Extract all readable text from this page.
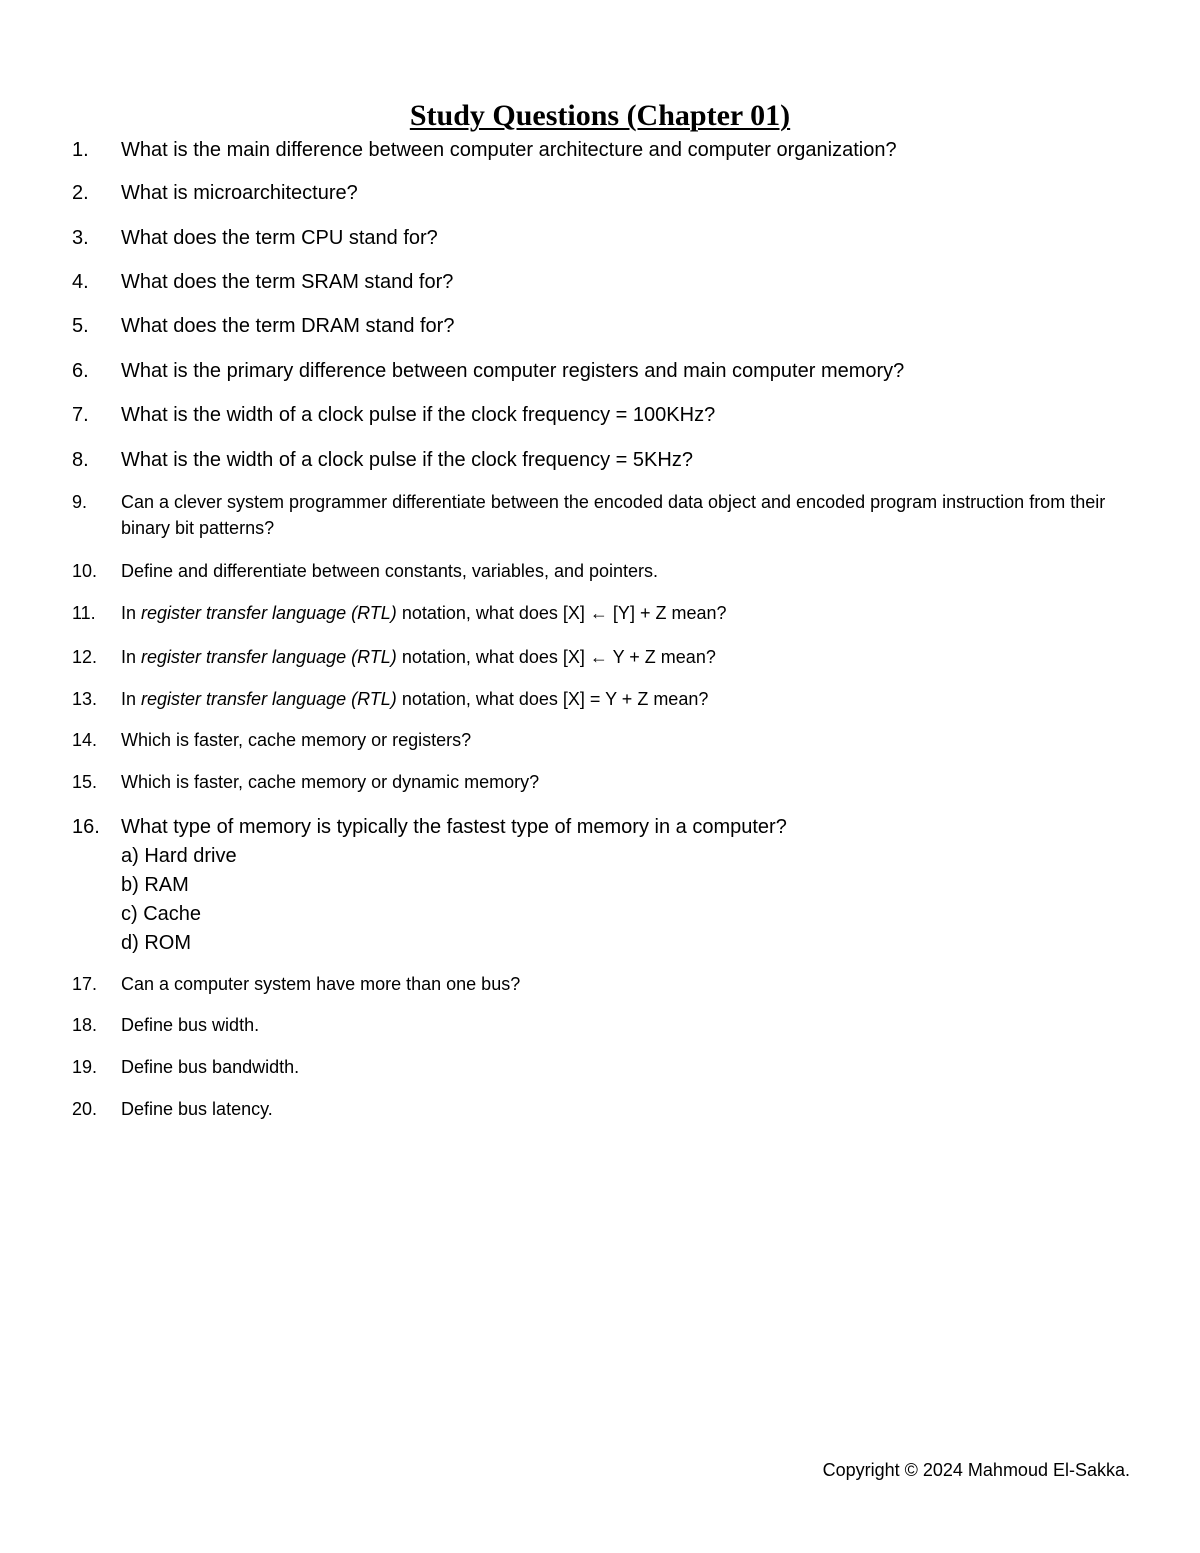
Study Questions (Chapter 01)
1. What is the main difference between computer architecture and computer organization?
2. What is microarchitecture?
3. What does the term CPU stand for?
4. What does the term SRAM stand for?
5. What does the term DRAM stand for?
6. What is the primary difference between computer registers and main computer memory?
7. What is the width of a clock pulse if the clock frequency = 100KHz?
8. What is the width of a clock pulse if the clock frequency = 5KHz?
9. Can a clever system programmer differentiate between the encoded data object and encoded program instruction from their binary bit patterns?
10. Define and differentiate between constants, variables, and pointers.
11. In register transfer language (RTL) notation, what does [X] ← [Y] + Z mean?
12. In register transfer language (RTL) notation, what does [X] ← Y + Z mean?
13. In register transfer language (RTL) notation, what does [X] = Y + Z mean?
14. Which is faster, cache memory or registers?
15. Which is faster, cache memory or dynamic memory?
16. What type of memory is typically the fastest type of memory in a computer?
a) Hard drive
b) RAM
c) Cache
d) ROM
17. Can a computer system have more than one bus?
18. Define bus width.
19. Define bus bandwidth.
20. Define bus latency.
Copyright © 2024 Mahmoud El-Sakka.
